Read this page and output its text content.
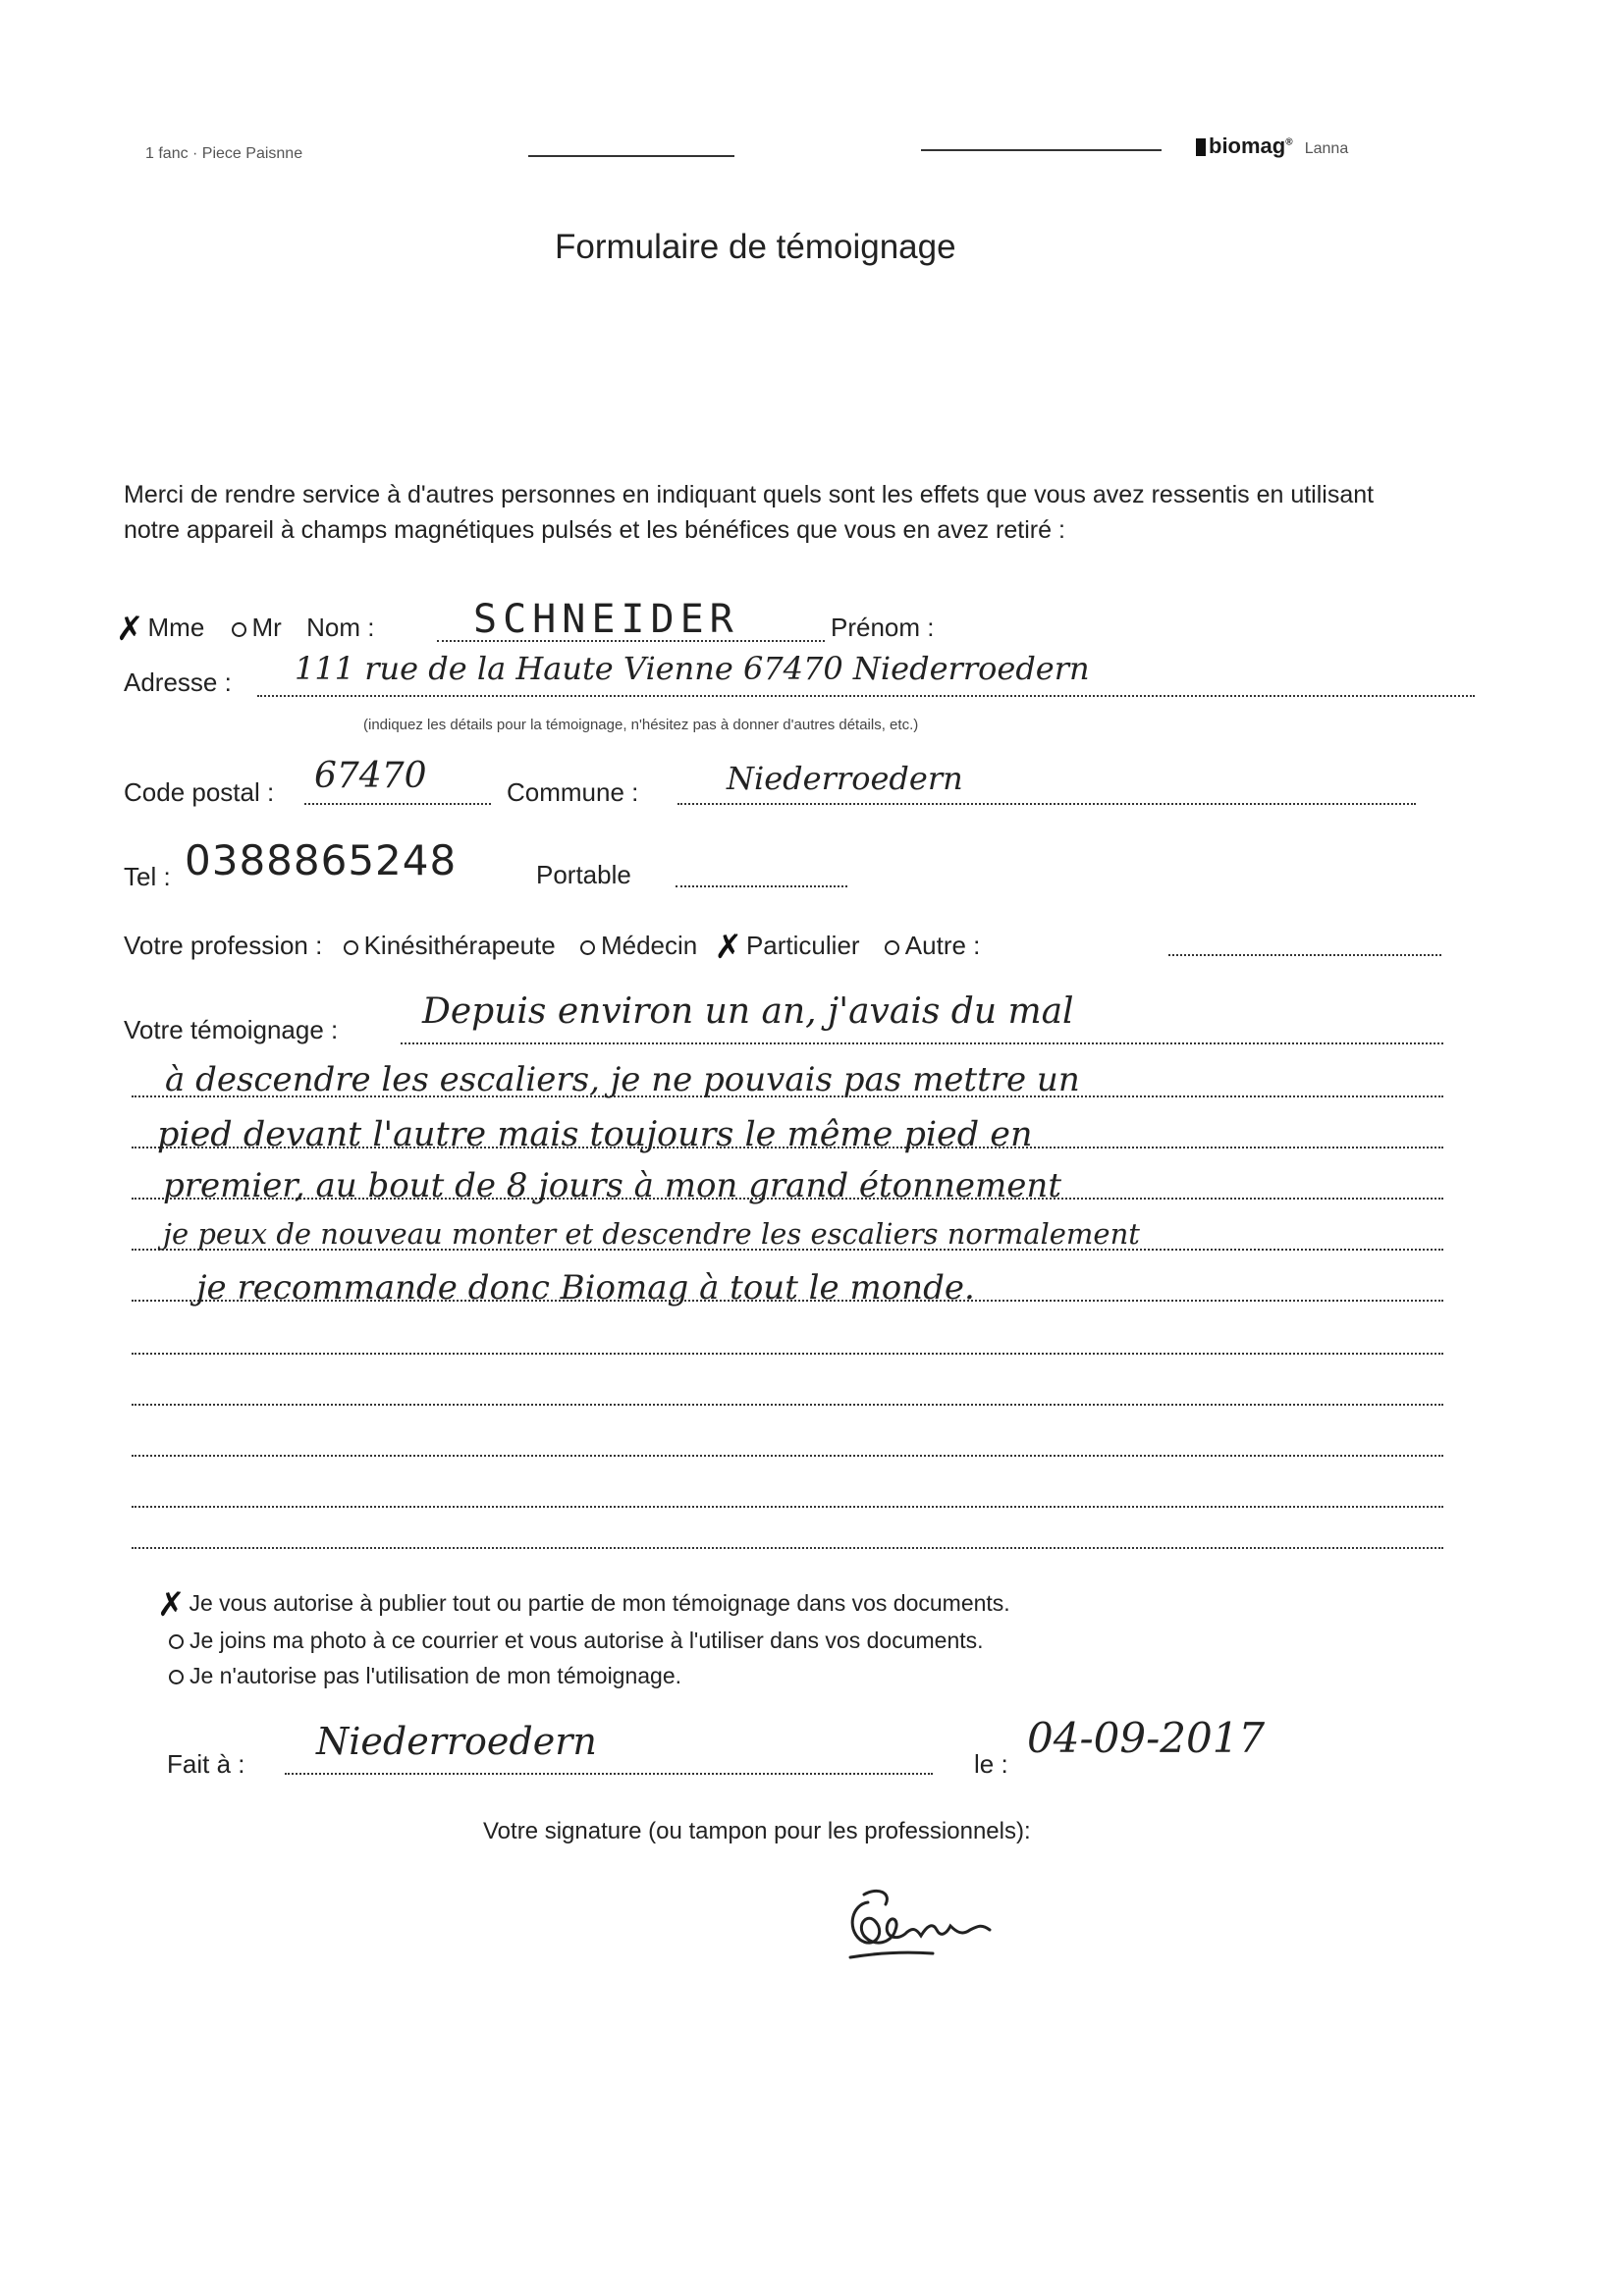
1 fanc · Piece Paisnne	biomag® Lanna
Formulaire de témoignage
Merci de rendre service à d'autres personnes en indiquant quels sont les effets que vous avez ressentis en utilisant notre appareil à champs magnétiques pulsés et les bénéfices que vous en avez retiré :
✗ Mme Mr Nom :	SCHNEIDER	Prénom :
Adresse : 111 rue de la Haute Vienne 67470 Niederroedern
(indiquez les détails pour la témoignage, n'hésitez pas à donner d'autres détails, etc.)
Code postal : 67470	Commune :	Niederroedern
Tel : 0388865248	Portable
Votre profession : Kinésithérapeute Médecin ✗ Particulier Autre :
Votre témoignage : Depuis environ un an, j'avais du mal
à descendre les escaliers, je ne pouvais pas mettre un
pied devant l'autre mais toujours le même pied en
premier, au bout de 8 jours à mon grand étonnement
je peux de nouveau monter et descendre les escaliers normalement
je recommande donc Biomag à tout le monde.
✗ Je vous autorise à publier tout ou partie de mon témoignage dans vos documents.
Je joins ma photo à ce courrier et vous autorise à l'utiliser dans vos documents.
Je n'autorise pas l'utilisation de mon témoignage.
Fait à :
Niederroedern
le :
04-09-2017
Votre signature (ou tampon pour les professionnels):
